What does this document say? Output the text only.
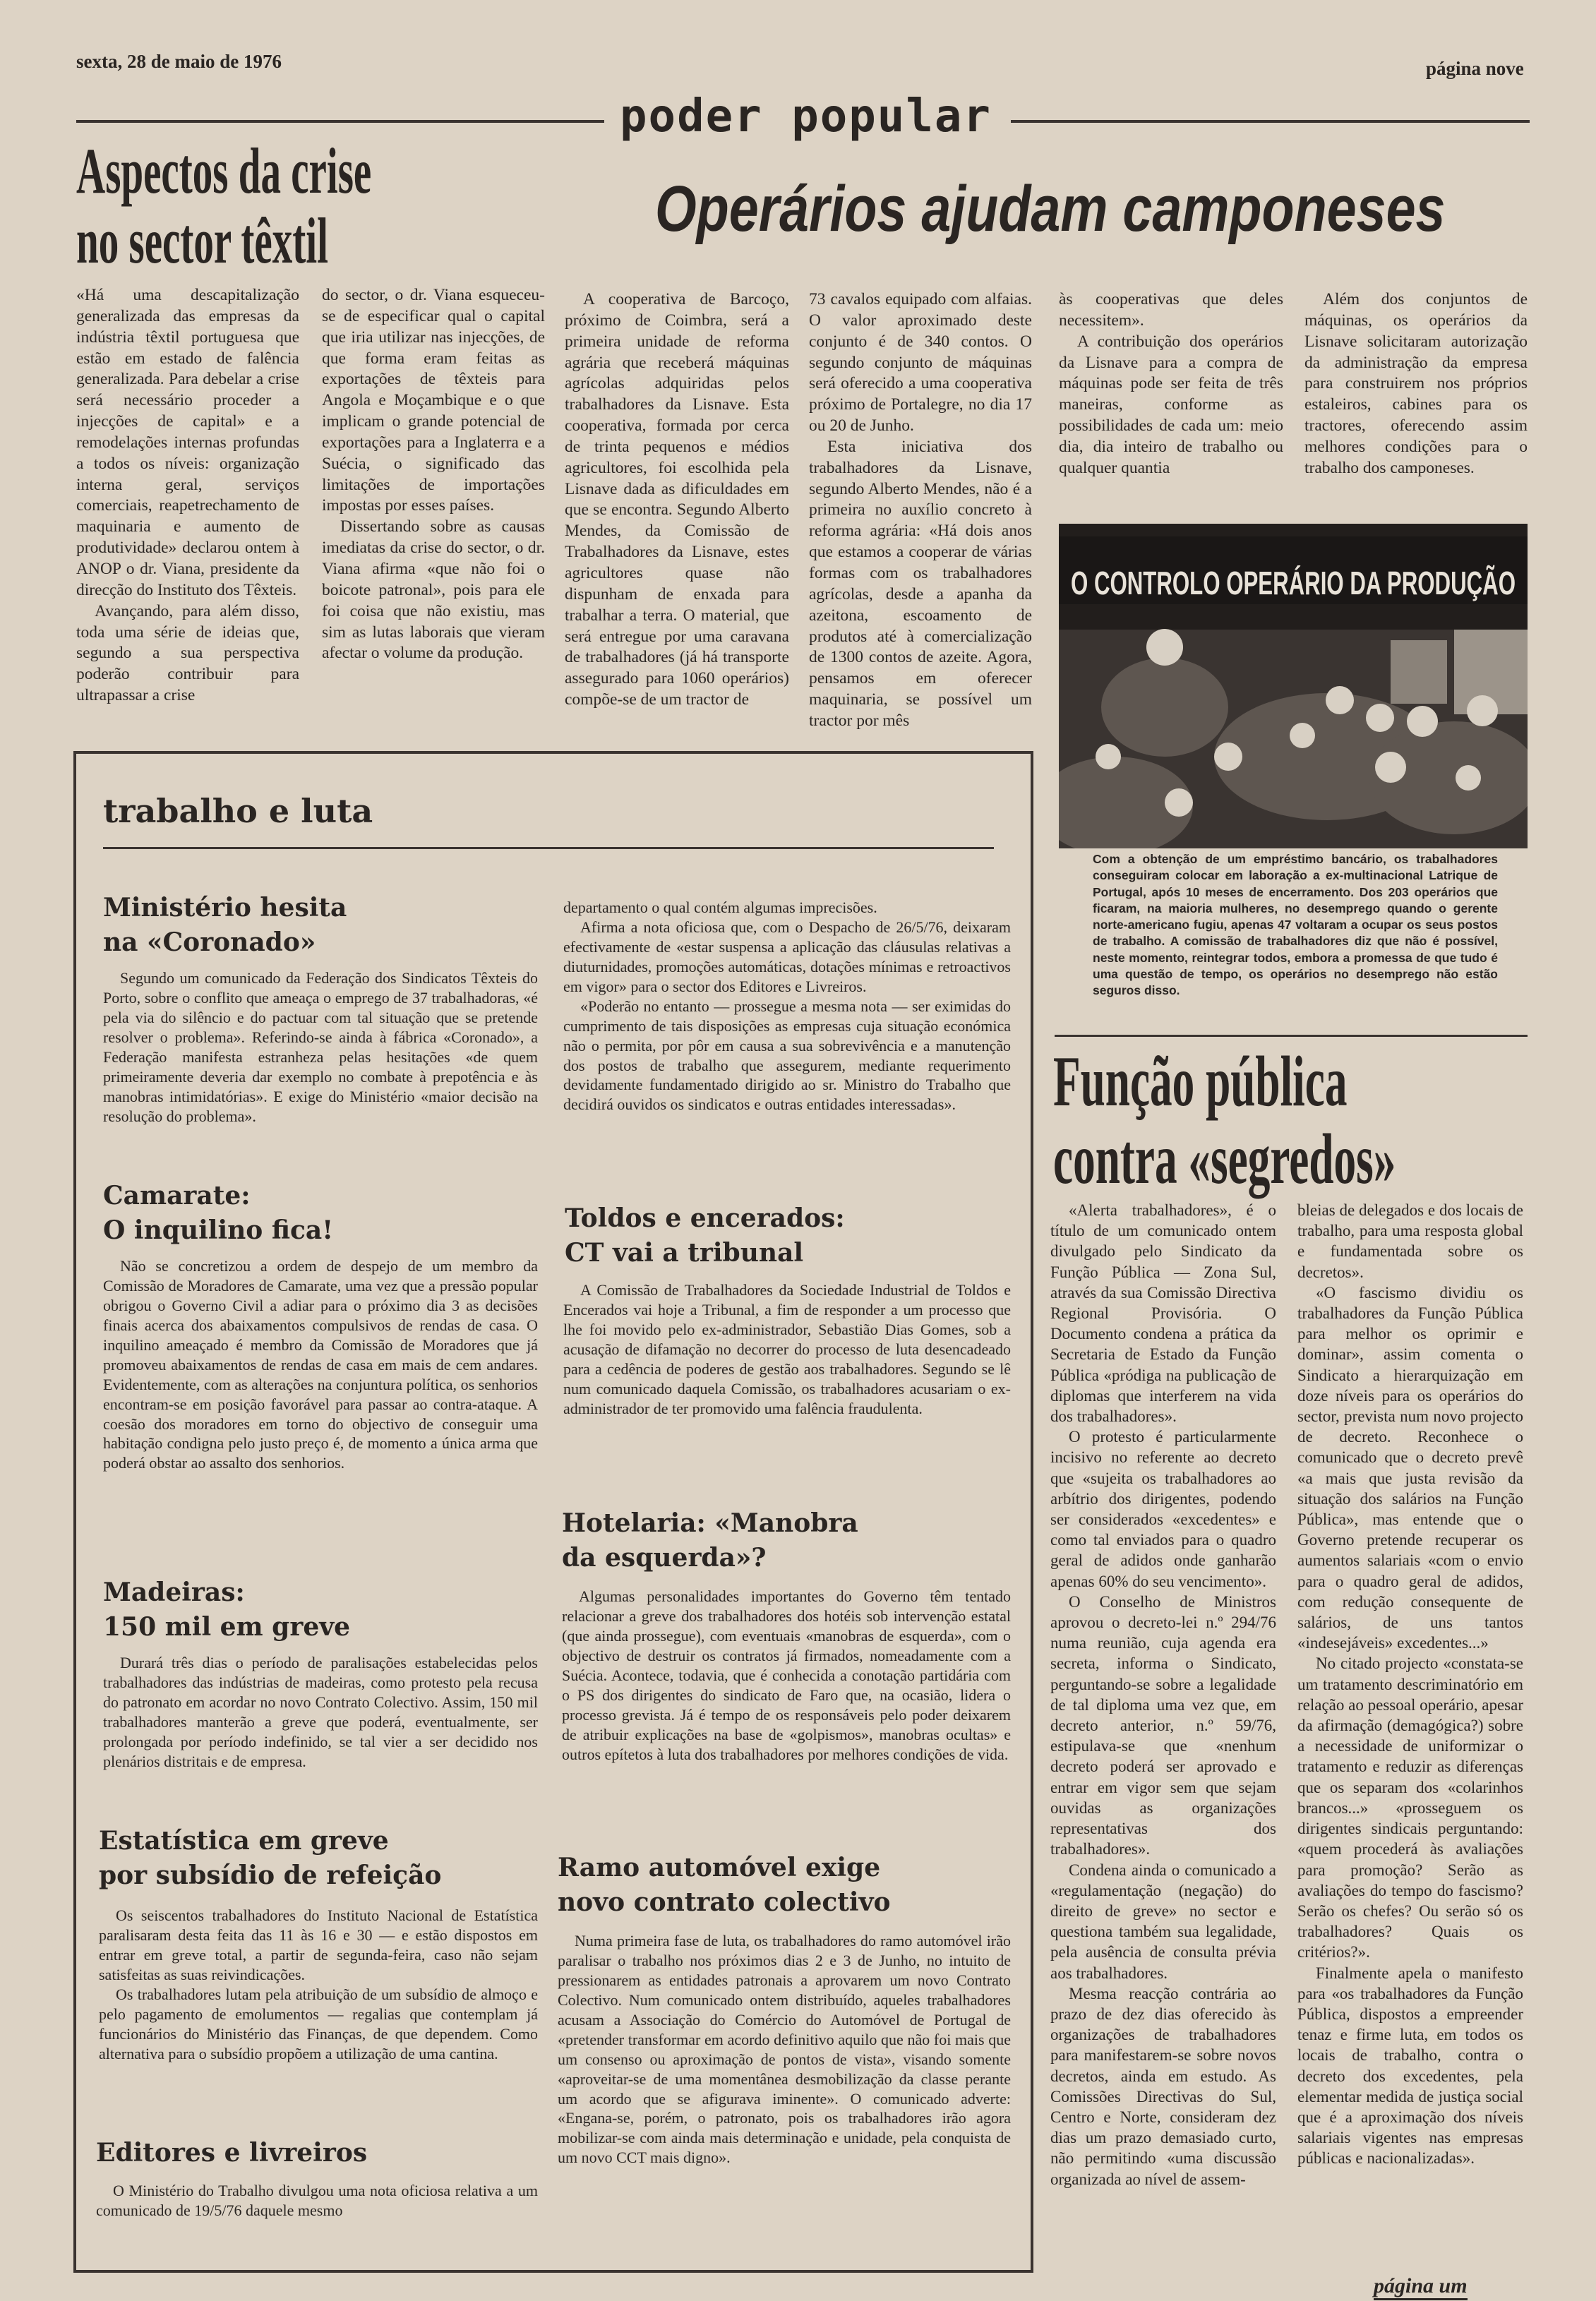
sexta, 28 de maio de 1976	página nove
poder popular
Aspectos da crise
no sector têxtil

«Há uma descapitalização generalizada das empresas da indústria têxtil portuguesa que estão em estado de falência generalizada. Para debelar a crise será necessário proceder a injecções de capital» e a remodelações internas profundas a todos os níveis: organização interna geral, serviços comerciais, reapetrechamento de maquinaria e aumento de produtividade» declarou ontem à ANOP o dr. Viana, presidente da direcção do Instituto dos Têxteis.

Avançando, para além disso, toda uma série de ideias que, segundo a sua perspectiva poderão contribuir para ultrapassar a crise

do sector, o dr. Viana esqueceu-se de especificar qual o capital que iria utilizar nas injecções, de que forma eram feitas as exportações de têxteis para Angola e Moçambique e o que implicam o grande potencial de exportações para a Inglaterra e a Suécia, o significado das limitações de importações impostas por esses países.

Dissertando sobre as causas imediatas da crise do sector, o dr. Viana afirma «que não foi o boicote patronal», pois para ele foi coisa que não existiu, mas sim as lutas laborais que vieram afectar o volume da produção.

Operários ajudam camponeses

A cooperativa de Barcoço, próximo de Coimbra, será a primeira unidade de reforma agrária que receberá máquinas agrícolas adquiridas pelos trabalhadores da Lisnave. Esta cooperativa, formada por cerca de trinta pequenos e médios agricultores, foi escolhida pela Lisnave dada as dificuldades em que se encontra. Segundo Alberto Mendes, da Comissão de Trabalhadores da Lisnave, estes agricultores quase não dispunham de enxada para trabalhar a terra. O material, que será entregue por uma caravana de trabalhadores (já há transporte assegurado para 1060 operários) compõe-se de um tractor de

73 cavalos equipado com alfaias. O valor aproximado deste conjunto é de 340 contos. O segundo conjunto de máquinas será oferecido a uma cooperativa próximo de Portalegre, no dia 17 ou 20 de Junho.

Esta iniciativa dos trabalhadores da Lisnave, segundo Alberto Mendes, não é a primeira no auxílio concreto à reforma agrária: «Há dois anos que estamos a cooperar de várias formas com os trabalhadores agrícolas, desde a apanha da azeitona, escoamento de produtos até à comercialização de 1300 contos de azeite. Agora, pensamos em oferecer maquinaria, se possível um tractor por mês

às cooperativas que deles necessitem».

A contribuição dos operários da Lisnave para a compra de máquinas pode ser feita de três maneiras, conforme as possibilidades de cada um: meio dia, dia inteiro de trabalho ou qualquer quantia

Além dos conjuntos de máquinas, os operários da Lisnave solicitaram autorização da administração da empresa para construirem nos próprios estaleiros, cabines para os tractores, oferecendo assim melhores condições para o trabalho dos camponeses.

O CONTROLO OPERÁRIO DA PRODUÇÃO
Com a obtenção de um empréstimo bancário, os trabalhadores conseguiram colocar em laboração a ex-multinacional Latrique de Portugal, após 10 meses de encerramento. Dos 203 operários que ficaram, na maioria mulheres, no desemprego quando o gerente norte-americano fugiu, apenas 47 voltaram a ocupar os seus postos de trabalho. A comissão de trabalhadores diz que não é possível, neste momento, reintegrar todos, embora a promessa de que tudo é uma questão de tempo, os operários no desemprego não estão seguros disso.
trabalho e luta
Ministério hesita
na «Coronado»

Segundo um comunicado da Federação dos Sindicatos Têxteis do Porto, sobre o conflito que ameaça o emprego de 37 trabalhadoras, «é pela via do silêncio e do pactuar com tal situação que se pretende resolver o problema». Referindo-se ainda à fábrica «Coronado», a Federação manifesta estranheza pelas hesitações «de quem primeiramente deveria dar exemplo no combate à prepotência e às manobras intimidatórias». E exige do Ministério «maior decisão na resolução do problema».

Camarate:
O inquilino fica!

Não se concretizou a ordem de despejo de um membro da Comissão de Moradores de Camarate, uma vez que a pressão popular obrigou o Governo Civil a adiar para o próximo dia 3 as decisões finais acerca dos abaixamentos compulsivos de rendas de casa. O inquilino ameaçado é membro da Comissão de Moradores que já promoveu abaixamentos de rendas de casa em mais de cem andares. Evidentemente, com as alterações na conjuntura política, os senhorios encontram-se em posição favorável para passar ao contra-ataque. A coesão dos moradores em torno do objectivo de conseguir uma habitação condigna pelo justo preço é, de momento a única arma que poderá obstar ao assalto dos senhorios.

Madeiras:
150 mil em greve

Durará três dias o período de paralisações estabelecidas pelos trabalhadores das indústrias de madeiras, como protesto pela recusa do patronato em acordar no novo Contrato Colectivo. Assim, 150 mil trabalhadores manterão a greve que poderá, eventualmente, ser prolongada por período indefinido, se tal vier a ser decidido nos plenários distritais e de empresa.

Estatística em greve
por subsídio de refeição

Os seiscentos trabalhadores do Instituto Nacional de Estatística paralisaram desta feita das 11 às 16 e 30 — e estão dispostos em entrar em greve total, a partir de segunda-feira, caso não sejam satisfeitas as suas reivindicações.

Os trabalhadores lutam pela atribuição de um subsídio de almoço e pelo pagamento de emolumentos — regalias que contemplam já funcionários do Ministério das Finanças, de que dependem. Como alternativa para o subsídio propõem a utilização de uma cantina.

Editores e livreiros

O Ministério do Trabalho divulgou uma nota oficiosa relativa a um comunicado de 19/5/76 daquele mesmo

departamento o qual contém algumas imprecisões.

Afirma a nota oficiosa que, com o Despacho de 26/5/76, deixaram efectivamente de «estar suspensa a aplicação das cláusulas relativas a diuturnidades, promoções automáticas, dotações mínimas e retroactivos em vigor» para o sector dos Editores e Livreiros.

«Poderão no entanto — prossegue a mesma nota — ser eximidas do cumprimento de tais disposições as empresas cuja situação económica não o permita, por pôr em causa a sua sobrevivência e a manutenção dos postos de trabalho que assegurem, mediante requerimento devidamente fundamentado dirigido ao sr. Ministro do Trabalho que decidirá ouvidos os sindicatos e outras entidades interessadas».

Toldos e encerados:
CT vai a tribunal

A Comissão de Trabalhadores da Sociedade Industrial de Toldos e Encerados vai hoje a Tribunal, a fim de responder a um processo que lhe foi movido pelo ex-administrador, Sebastião Dias Gomes, sob a acusação de difamação no decorrer do processo de luta desencadeado para a cedência de poderes de gestão aos trabalhadores. Segundo se lê num comunicado daquela Comissão, os trabalhadores acusariam o ex-administrador de ter promovido uma falência fraudulenta.

Hotelaria: «Manobra
da esquerda»?

Algumas personalidades importantes do Governo têm tentado relacionar a greve dos trabalhadores dos hotéis sob intervenção estatal (que ainda prossegue), com eventuais «manobras de esquerda», com o objectivo de destruir os contratos já firmados, nomeadamente com a Suécia. Acontece, todavia, que é conhecida a conotação partidária com o PS dos dirigentes do sindicato de Faro que, na ocasião, lidera o processo grevista. Já é tempo de os responsáveis pelo poder deixarem de atribuir explicações na base de «golpismos», manobras ocultas» e outros epítetos à luta dos trabalhadores por melhores condições de vida.

Ramo automóvel exige
novo contrato colectivo

Numa primeira fase de luta, os trabalhadores do ramo automóvel irão paralisar o trabalho nos próximos dias 2 e 3 de Junho, no intuito de pressionarem as entidades patronais a aprovarem um novo Contrato Colectivo. Num comunicado ontem distribuído, aqueles trabalhadores acusam a Associação do Comércio do Automóvel de Portugal de «pretender transformar em acordo definitivo aquilo que não foi mais que um consenso ou aproximação de pontos de vista», visando somente «aproveitar-se de uma momentânea desmobilização da classe perante um acordo que se afigurava iminente». O comunicado adverte: «Engana-se, porém, o patronato, pois os trabalhadores irão agora mobilizar-se com ainda mais determinação e unidade, pela conquista de um novo CCT mais digno».

Função pública
contra «segredos»

«Alerta trabalhadores», é o título de um comunicado ontem divulgado pelo Sindicato da Função Pública — Zona Sul, através da sua Comissão Directiva Regional Provisória. O Documento condena a prática da Secretaria de Estado da Função Pública «pródiga na publicação de diplomas que interferem na vida dos trabalhadores».

O protesto é particularmente incisivo no referente ao decreto que «sujeita os trabalhadores ao arbítrio dos dirigentes, podendo ser considerados «excedentes» e como tal enviados para o quadro geral de adidos onde ganharão apenas 60% do seu vencimento».

O Conselho de Ministros aprovou o decreto-lei n.º 294/76 numa reunião, cuja agenda era secreta, informa o Sindicato, perguntando-se sobre a legalidade de tal diploma uma vez que, em decreto anterior, n.º 59/76, estipulava-se que «nenhum decreto poderá ser aprovado e entrar em vigor sem que sejam ouvidas as organizações representativas dos trabalhadores».

Condena ainda o comunicado a «regulamentação (negação) do direito de greve» no sector e questiona também sua legalidade, pela ausência de consulta prévia aos trabalhadores.

Mesma reacção contrária ao prazo de dez dias oferecido às organizações de trabalhadores para manifestarem-se sobre novos decretos, ainda em estudo. As Comissões Directivas do Sul, Centro e Norte, consideram dez dias um prazo demasiado curto, não permitindo «uma discussão organizada ao nível de assem-

bleias de delegados e dos locais de trabalho, para uma resposta global e fundamentada sobre os decretos».

«O fascismo dividiu os trabalhadores da Função Pública para melhor os oprimir e dominar», assim comenta o Sindicato a hierarquização em doze níveis para os operários do sector, prevista num novo projecto de decreto. Reconhece o comunicado que o decreto prevê «a mais que justa revisão da situação dos salários na Função Pública», mas entende que o Governo pretende recuperar os aumentos salariais «com o envio para o quadro geral de adidos, com redução consequente de salários, de uns tantos «indesejáveis» excedentes...»

No citado projecto «constata-se um tratamento descriminatório em relação ao pessoal operário, apesar da afirmação (demagógica?) sobre a necessidade de uniformizar o tratamento e reduzir as diferenças que os separam dos «colarinhos brancos...» «prosseguem os dirigentes sindicais perguntando: «quem procederá às avaliações para promoção? Serão as avaliações do tempo do fascismo? Serão os chefes? Ou serão só os trabalhadores? Quais os critérios?».

Finalmente apela o manifesto para «os trabalhadores da Função Pública, dispostos a empreender tenaz e firme luta, em todos os locais de trabalho, contra o decreto dos excedentes, pela elementar medida de justiça social que é a aproximação dos níveis salariais vigentes nas empresas públicas e nacionalizadas».

página um
